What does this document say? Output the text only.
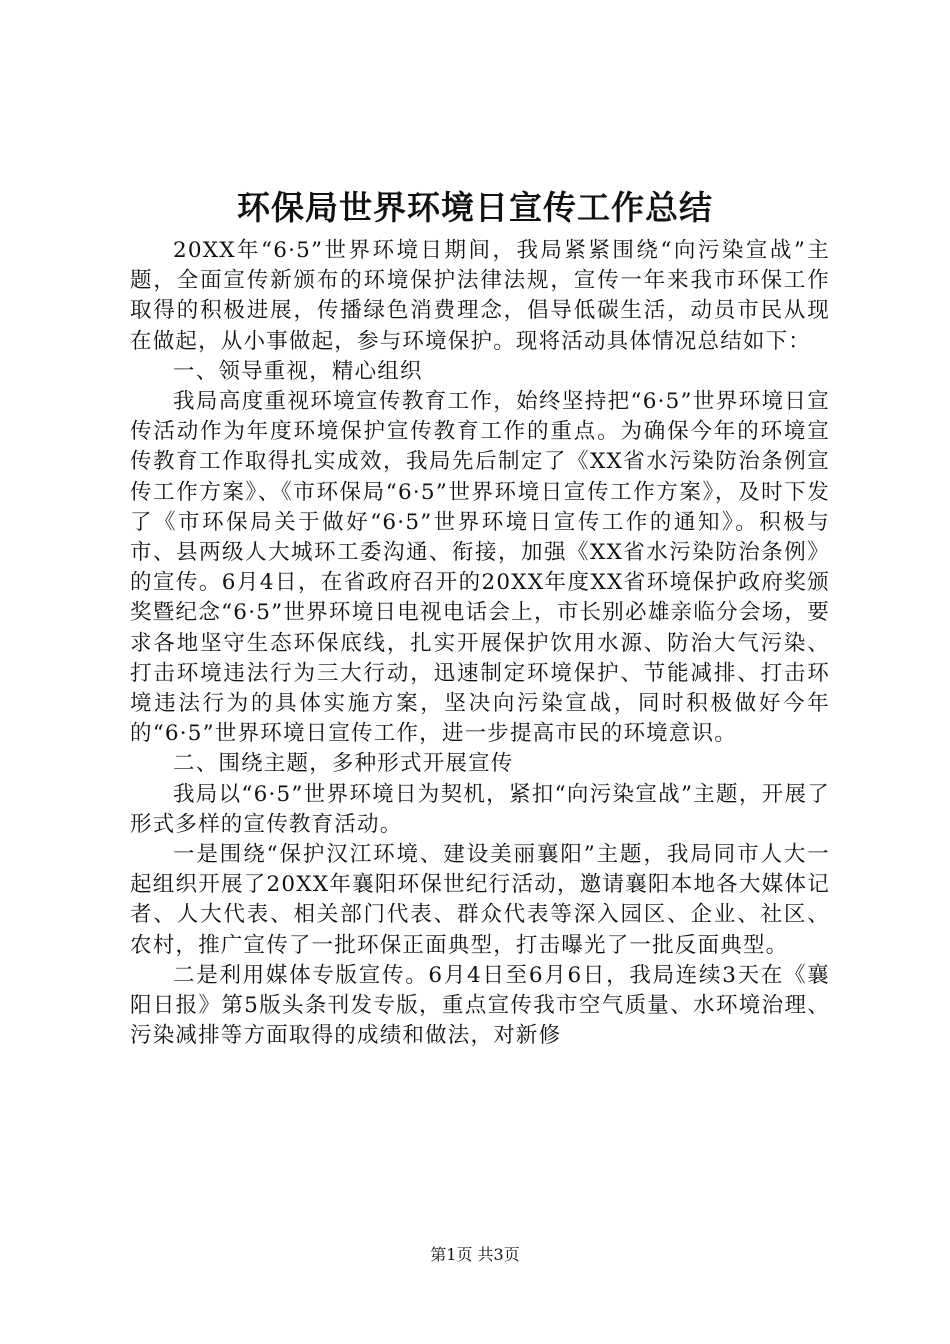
环保局世界环境日宣传工作总结

20XX年“6·5”世界环境日期间，我局紧紧围绕“向污染宣战”主题，全面宣传新颁布的环境保护法律法规，宣传一年来我市环保工作取得的积极进展，传播绿色消费理念，倡导低碳生活，动员市民从现在做起，从小事做起，参与环境保护。现将活动具体情况总结如下：

一、领导重视，精心组织

我局高度重视环境宣传教育工作，始终坚持把“6·5”世界环境日宣传活动作为年度环境保护宣传教育工作的重点。为确保今年的环境宣传教育工作取得扎实成效，我局先后制定了《XX省水污染防治条例宣传工作方案》、《市环保局“6·5”世界环境日宣传工作方案》，及时下发了《市环保局关于做好“6·5”世界环境日宣传工作的通知》。积极与市、县两级人大城环工委沟通、衔接，加强《XX省水污染防治条例》的宣传。6月4日，在省政府召开的20XX年度XX省环境保护政府奖颁奖暨纪念“6·5”世界环境日电视电话会上，市长别必雄亲临分会场，要求各地坚守生态环保底线，扎实开展保护饮用水源、防治大气污染、打击环境违法行为三大行动，迅速制定环境保护、节能减排、打击环境违法行为的具体实施方案，坚决向污染宣战，同时积极做好今年的“6·5”世界环境日宣传工作，进一步提高市民的环境意识。

二、围绕主题，多种形式开展宣传

我局以“6·5”世界环境日为契机，紧扣“向污染宣战”主题，开展了形式多样的宣传教育活动。

一是围绕“保护汉江环境、建设美丽襄阳”主题，我局同市人大一起组织开展了20XX年襄阳环保世纪行活动，邀请襄阳本地各大媒体记者、人大代表、相关部门代表、群众代表等深入园区、企业、社区、农村，推广宣传了一批环保正面典型，打击曝光了一批反面典型。

二是利用媒体专版宣传。6月4日至6月6日，我局连续3天在《襄阳日报》第5版头条刊发专版，重点宣传我市空气质量、水环境治理、污染减排等方面取得的成绩和做法，对新修

第1页 共3页
